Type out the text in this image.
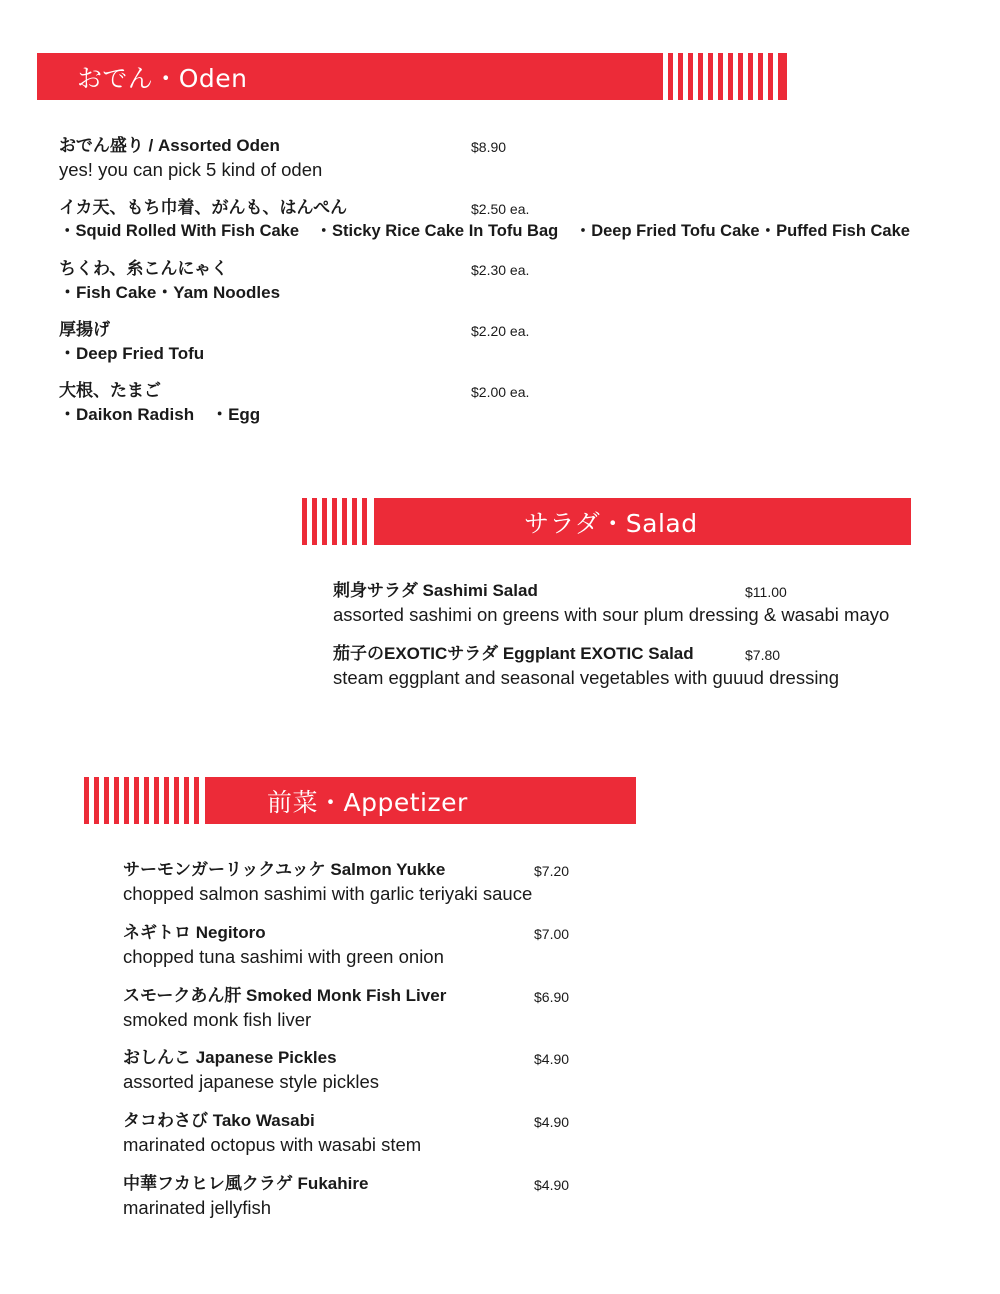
おでん・Oden
おでん盛り / Assorted Oden
yes! you can pick 5 kind of oden
$8.90
イカ天、もち巾着、がんも、はんぺん
・Squid Rolled With Fish Cake　・Sticky Rice Cake In Tofu Bag　・Deep Fried Tofu Cake・Puffed Fish Cake
$2.50 ea.
ちくわ、糸こんにゃく
・Fish Cake・Yam Noodles
$2.30 ea.
厚揚げ
・Deep Fried Tofu
$2.20 ea.
大根、たまご
・Daikon Radish　・Egg
$2.00 ea.
サラダ・Salad
刺身サラダ Sashimi Salad
assorted sashimi on greens with sour plum dressing & wasabi mayo
$11.00
茄子のEXOTICサラダ Eggplant EXOTIC Salad
steam eggplant and seasonal vegetables with guuud dressing
$7.80
前菜・Appetizer
サーモンガーリックユッケ Salmon Yukke
chopped salmon sashimi with garlic teriyaki sauce
$7.20
ネギトロ Negitoro
chopped tuna sashimi with green onion
$7.00
スモークあん肝 Smoked Monk Fish Liver
smoked monk fish liver
$6.90
おしんこ Japanese Pickles
assorted japanese style pickles
$4.90
タコわさび Tako Wasabi
marinated octopus with wasabi stem
$4.90
中華フカヒレ風クラゲ Fukahire
marinated jellyfish
$4.90
